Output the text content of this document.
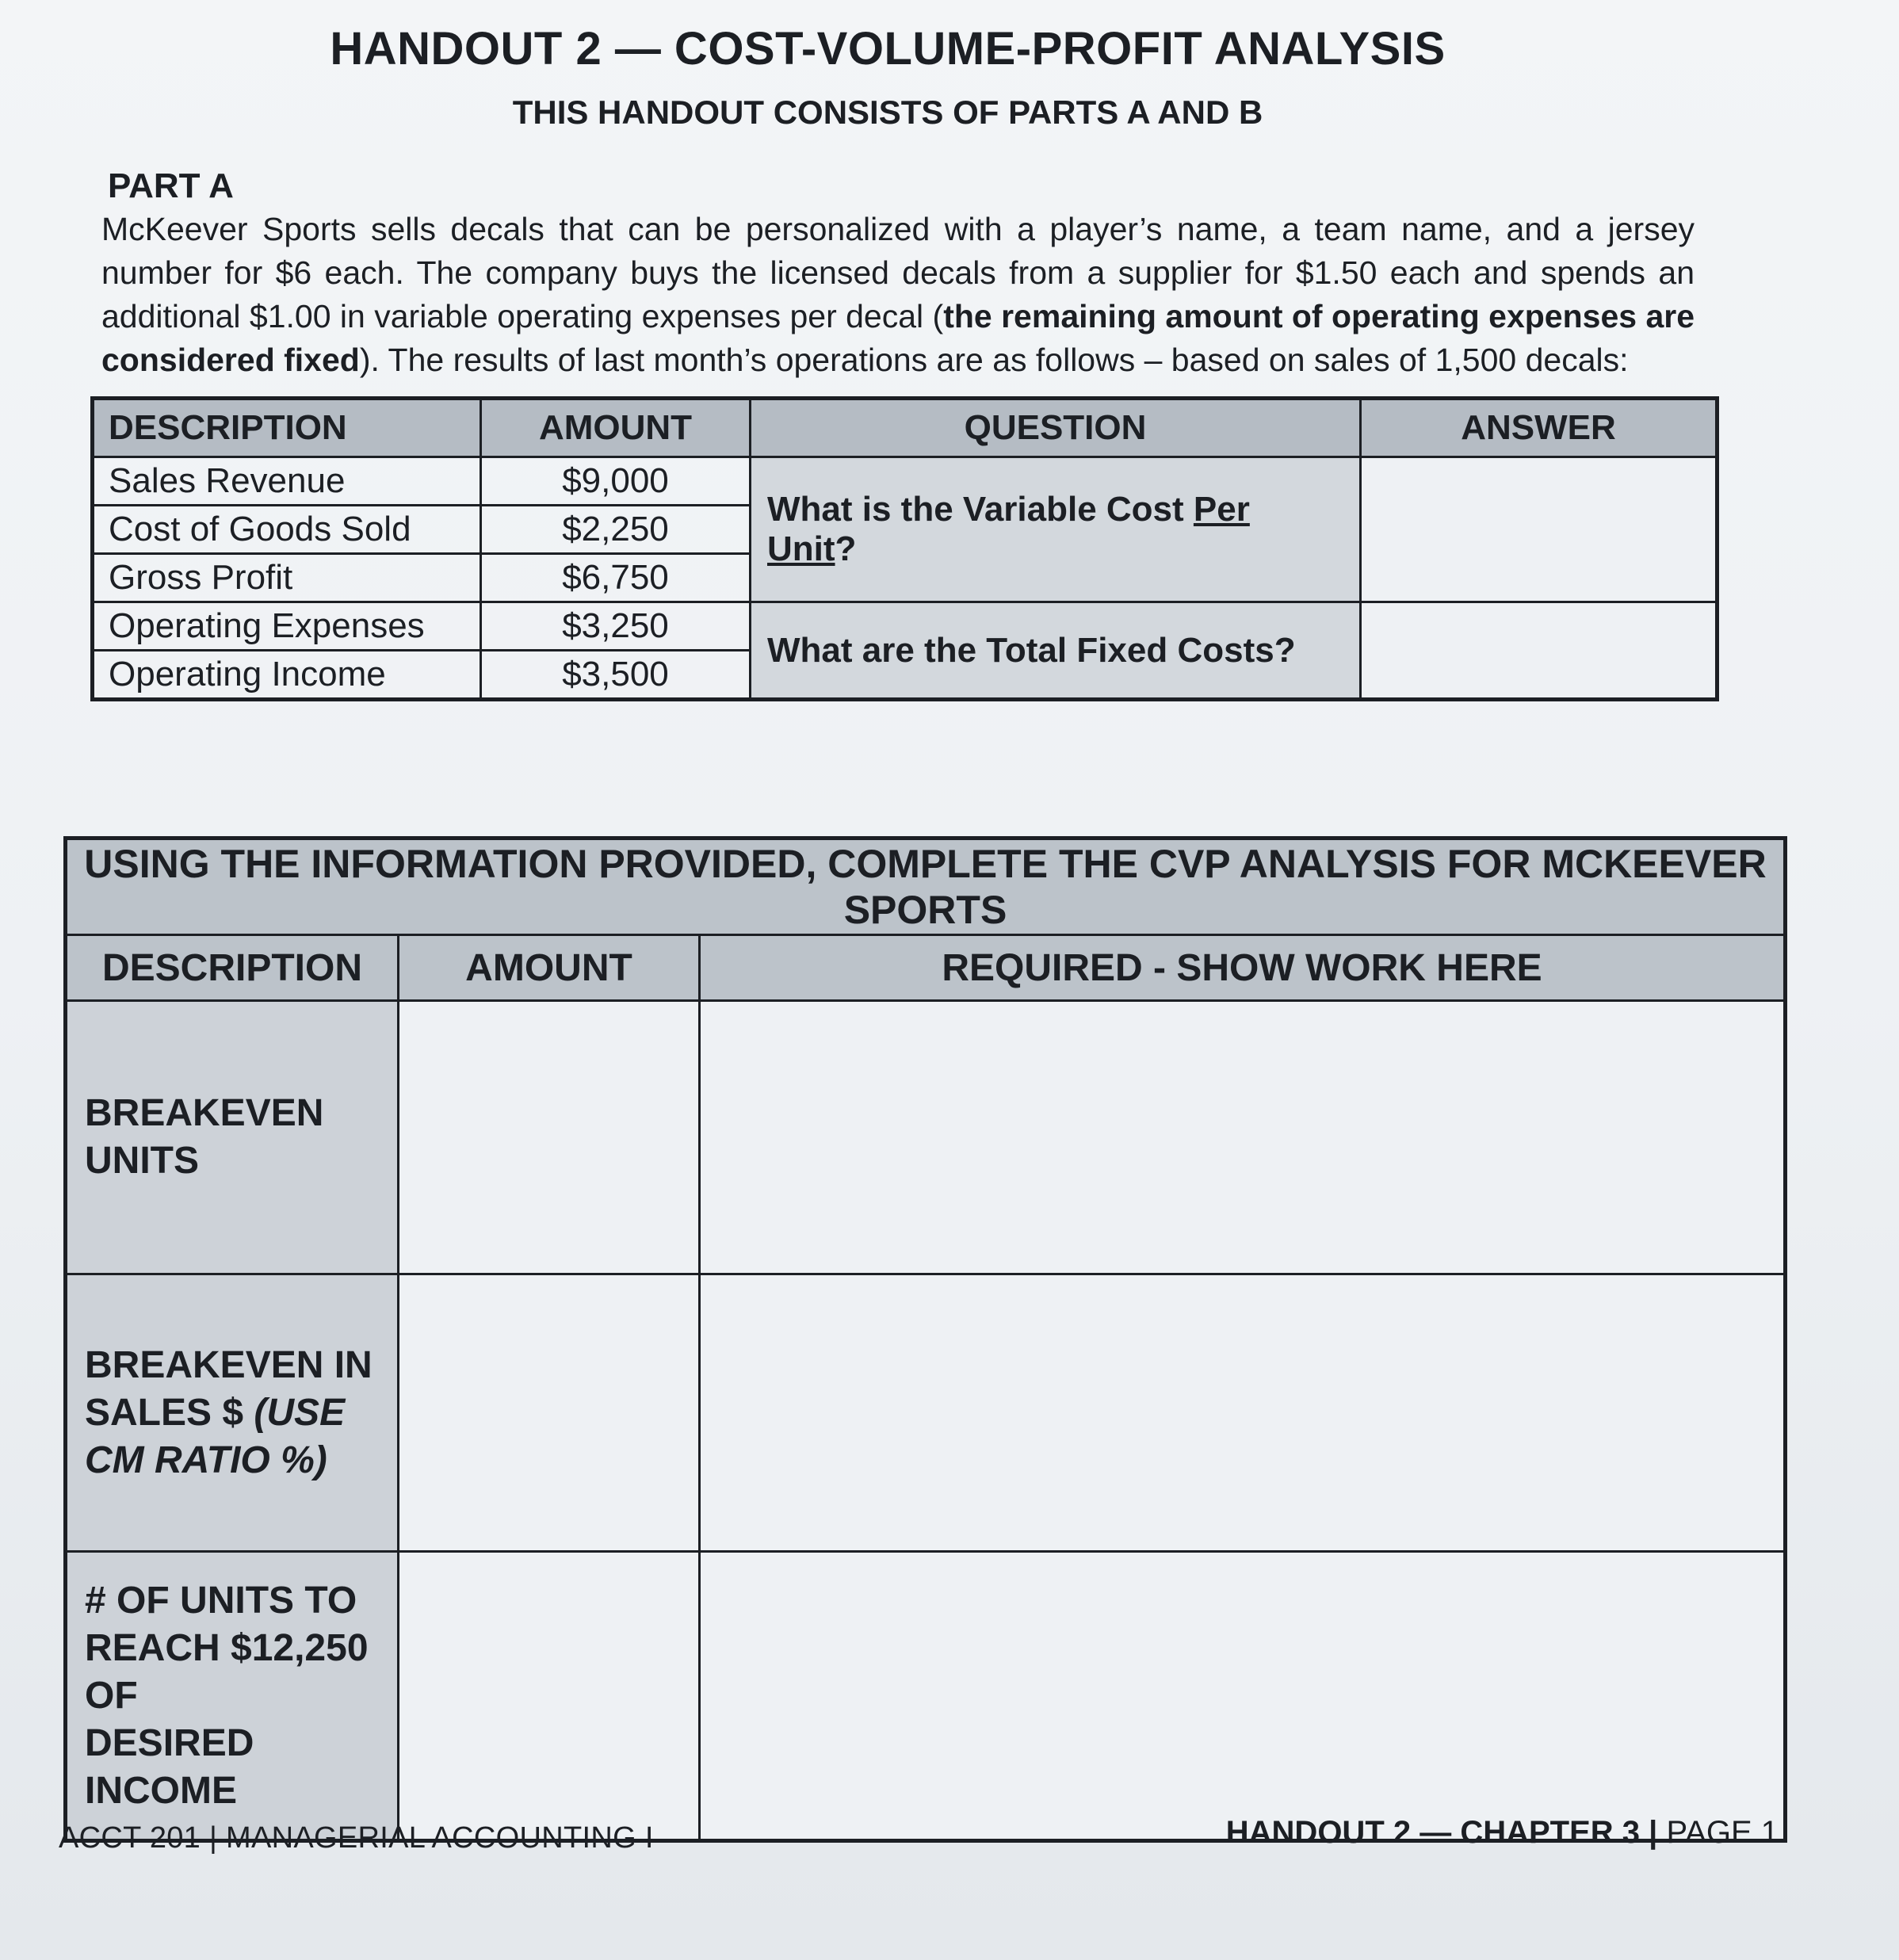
HANDOUT 2 — COST-VOLUME-PROFIT ANALYSIS
THIS HANDOUT CONSISTS OF PARTS A AND B
PART A
McKeever Sports sells decals that can be personalized with a player’s name, a team name, and a jersey number for $6 each. The company buys the licensed decals from a supplier for $1.50 each and spends an additional $1.00 in variable operating expenses per decal (the remaining amount of operating expenses are considered fixed). The results of last month’s operations are as follows – based on sales of 1,500 decals:
DESCRIPTION	AMOUNT	QUESTION	ANSWER
Sales Revenue	$9,000	What is the Variable Cost Per Unit?	
Cost of Goods Sold	$2,250		
Gross Profit	$6,750		
Operating Expenses	$3,250	What are the Total Fixed Costs?	
Operating Income	$3,500		
USING THE INFORMATION PROVIDED, COMPLETE THE CVP ANALYSIS FOR MCKEEVER SPORTS		
DESCRIPTION	AMOUNT	REQUIRED - SHOW WORK HERE

BREAKEVEN
UNITS		

BREAKEVEN IN
SALES $ (USE CM RATIO %)		

# OF UNITS TO
REACH $12,250 OF
DESIRED INCOME		

ACCT 201 | MANAGERIAL ACCOUNTING I	HANDOUT 2 — CHAPTER 3 | PAGE 1
